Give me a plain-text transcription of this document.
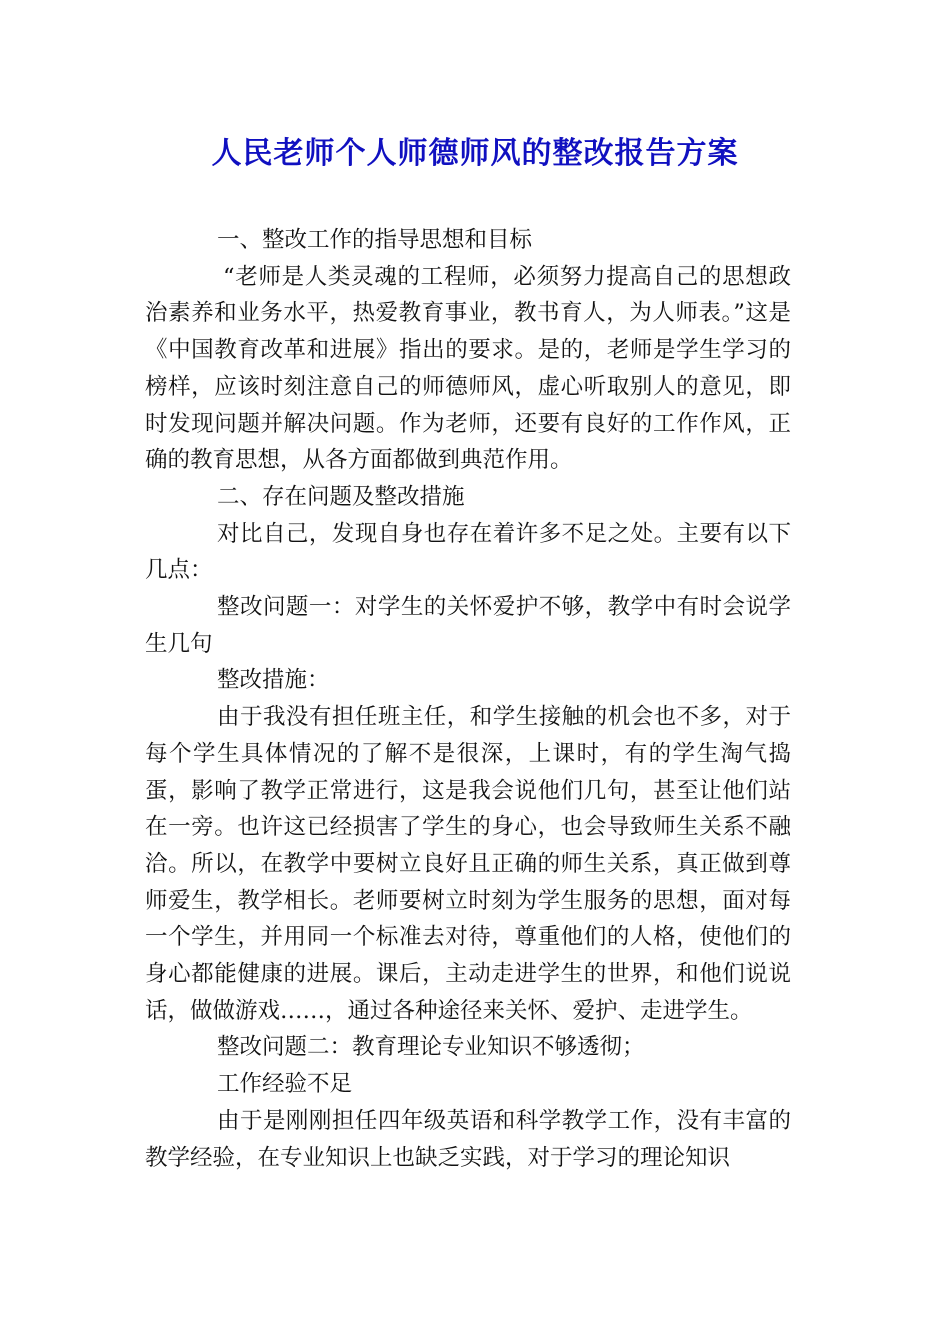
人民老师个人师德师风的整改报告方案

一、整改工作的指导思想和目标

“老师是人类灵魂的工程师，必须努力提高自己的思想政治素养和业务水平，热爱教育事业，教书育人，为人师表。”这是《中国教育改革和进展》指出的要求。是的，老师是学生学习的榜样，应该时刻注意自己的师德师风，虚心听取别人的意见，即时发现问题并解决问题。作为老师，还要有良好的工作作风，正确的教育思想，从各方面都做到典范作用。

二、存在问题及整改措施

对比自己，发现自身也存在着许多不足之处。主要有以下几点：

整改问题一：对学生的关怀爱护不够，教学中有时会说学生几句

整改措施：

由于我没有担任班主任，和学生接触的机会也不多，对于每个学生具体情况的了解不是很深，上课时，有的学生淘气捣蛋，影响了教学正常进行，这是我会说他们几句，甚至让他们站在一旁。也许这已经损害了学生的身心，也会导致师生关系不融洽。所以，在教学中要树立良好且正确的师生关系，真正做到尊师爱生，教学相长。老师要树立时刻为学生服务的思想，面对每一个学生，并用同一个标准去对待，尊重他们的人格，使他们的身心都能健康的进展。课后，主动走进学生的世界，和他们说说话，做做游戏……，通过各种途径来关怀、爱护、走进学生。

整改问题二：教育理论专业知识不够透彻；

工作经验不足

由于是刚刚担任四年级英语和科学教学工作，没有丰富的教学经验，在专业知识上也缺乏实践，对于学习的理论知识
